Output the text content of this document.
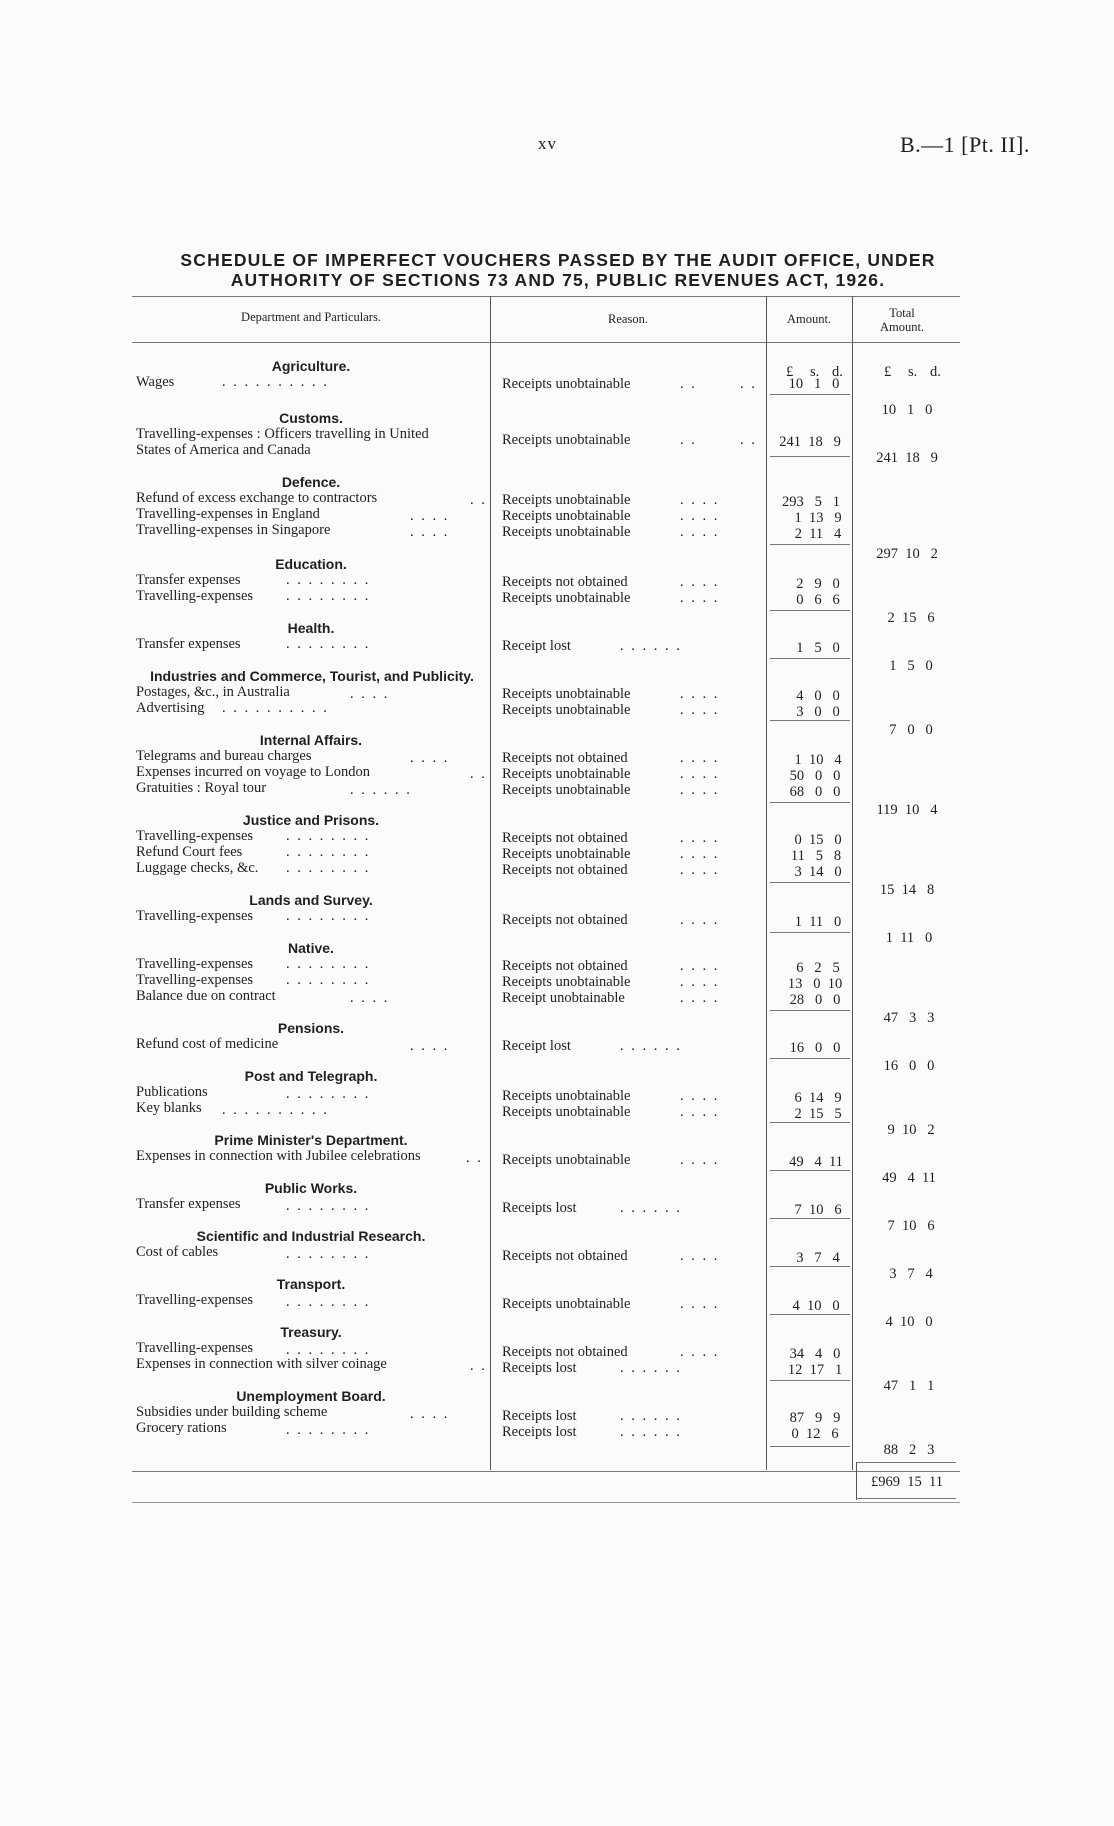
xv	B.—1 [Pt. II].
SCHEDULE OF IMPERFECT VOUCHERS PASSED BY THE AUDIT OFFICE, UNDER
AUTHORITY OF SECTIONS 73 AND 75, PUBLIC REVENUES ACT, 1926.
Department and Particulars.	Reason.	Amount.	Total
Amount.
£ s. d.	£ s. d.
Agriculture.
Wages	. . . . . . . . . .	Receipts unobtainable	. .	. .	10   1   0
10   1   0
Customs.
Travelling-expenses : Officers travelling in United
States of America and Canada
Receipts unobtainable	. .	. .	241  18   9
241  18   9
Defence.
Refund of excess exchange to contractors	. . Receipts unobtainable	. . . .	293   5   1
Travelling-expenses in England	. . . .	Receipts unobtainable	. . . .	1  13   9
Travelling-expenses in Singapore	. . . .	Receipts unobtainable	. . . .	2  11   4
297  10   2
Education.
Transfer expenses	. . . . . . . .	Receipts not obtained	. . . .	2   9   0
Travelling-expenses . . . . . . . .	Receipts unobtainable	. . . .	0   6   6
2  15   6
Health.
Transfer expenses	. . . . . . . .	Receipt lost	. . . . . .	1   5   0
1   5   0
Industries and Commerce, Tourist, and Publicity.
Postages, &c., in Australia	. . . .	Receipts unobtainable	. . . .	4   0   0
Advertising . . . . . . . . . .	Receipts unobtainable	. . . .	3   0   0
7   0   0
Internal Affairs.
Telegrams and bureau charges	. . . .	Receipts not obtained	. . . .	1  10   4
Expenses incurred on voyage to London	. . Receipts unobtainable	. . . .	50   0   0
Gratuities : Royal tour	. . . . . .	Receipts unobtainable	. . . .	68   0   0
119  10   4
Justice and Prisons.
Travelling-expenses . . . . . . . .	Receipts not obtained	. . . .	0  15   0
Refund Court fees	. . . . . . . .	Receipts unobtainable	. . . .	11   5   8
Luggage checks, &c. . . . . . . . .	Receipts not obtained	. . . .	3  14   0
15  14   8
Lands and Survey.
Travelling-expenses . . . . . . . .	Receipts not obtained	. . . .	1  11   0
1  11   0
Native.
Travelling-expenses . . . . . . . .	Receipts not obtained	. . . .	6   2   5
Travelling-expenses . . . . . . . .	Receipts unobtainable	. . . .	13   0  10
Balance due on contract	. . . .	Receipt unobtainable	. . . .	28   0   0
47   3   3
Pensions.
Refund cost of medicine	. . . .	Receipt lost	. . . . . .	16   0   0
16   0   0
Post and Telegraph.
Publications	. . . . . . . .	Receipts unobtainable	. . . .	6  14   9
Key blanks . . . . . . . . . .	Receipts unobtainable	. . . .	2  15   5
9  10   2
Prime Minister's Department.
Expenses in connection with Jubilee celebrations	. . Receipts unobtainable	. . . .	49   4  11
49   4  11
Public Works.
Transfer expenses	. . . . . . . .	Receipts lost	. . . . . .	7  10   6
7  10   6
Scientific and Industrial Research.
Cost of cables	. . . . . . . .	Receipts not obtained	. . . .	3   7   4
3   7   4
Transport.
Travelling-expenses . . . . . . . .	Receipts unobtainable	. . . .	4  10   0
4  10   0
Treasury.
Travelling-expenses . . . . . . . .	Receipts not obtained	. . . .	34   4   0
Expenses in connection with silver coinage	. . Receipts lost	. . . . . .	12  17   1
47   1   1
Unemployment Board.
Subsidies under building scheme	. . . .	Receipts lost	. . . . . .	87   9   9
Grocery rations	. . . . . . . .	Receipts lost	. . . . . .	0  12   6
88   2   3
£969  15  11
